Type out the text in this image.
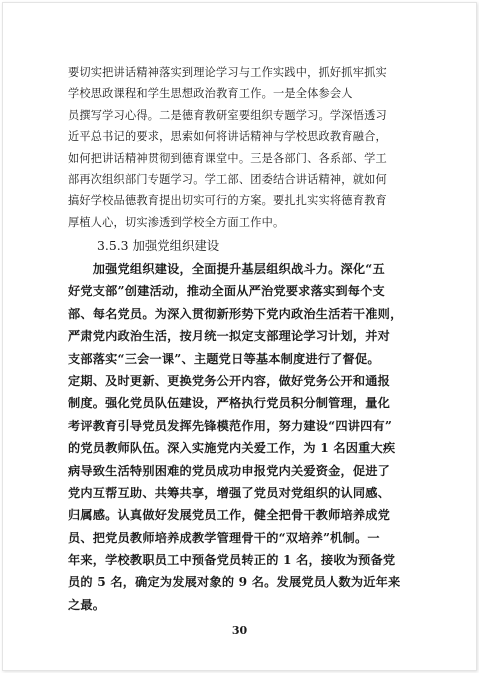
要切实把讲话精神落实到理论学习与工作实践中，抓好抓牢抓实
学校思政课程和学生思想政治教育工作。一是全体参会人
员撰写学习心得。二是德育教研室要组织专题学习。学深悟透习
近平总书记的要求，思索如何将讲话精神与学校思政教育融合，
如何把讲话精神贯彻到德育课堂中。三是各部门、各系部、学工
部再次组织部门专题学习。学工部、团委结合讲话精神，就如何
搞好学校品德教育提出切实可行的方案。要扎扎实实将德育教育
厚植人心，切实渗透到学校全方面工作中。
3.5.3 加强党组织建设
　　加强党组织建设，全面提升基层组织战斗力。深化“五
好党支部”创建活动，推动全面从严治党要求落实到每个支
部、每名党员。为深入贯彻新形势下党内政治生活若干准则，
严肃党内政治生活，按月统一拟定支部理论学习计划，并对
支部落实“三会一课”、主题党日等基本制度进行了督促。
定期、及时更新、更换党务公开内容，做好党务公开和通报
制度。强化党员队伍建设，严格执行党员积分制管理，量化
考评教育引导党员发挥先锋模范作用，努力建设“四讲四有”
的党员教师队伍。深入实施党内关爱工作，为 1 名因重大疾
病导致生活特别困难的党员成功申报党内关爱资金，促进了
党内互帮互助、共筹共享，增强了党员对党组织的认同感、
归属感。认真做好发展党员工作，健全把骨干教师培养成党
员、把党员教师培养成教学管理骨干的“双培养”机制。一
年来，学校教职员工中预备党员转正的 1 名，接收为预备党
员的 5 名，确定为发展对象的 9 名。发展党员人数为近年来
之最。
30
